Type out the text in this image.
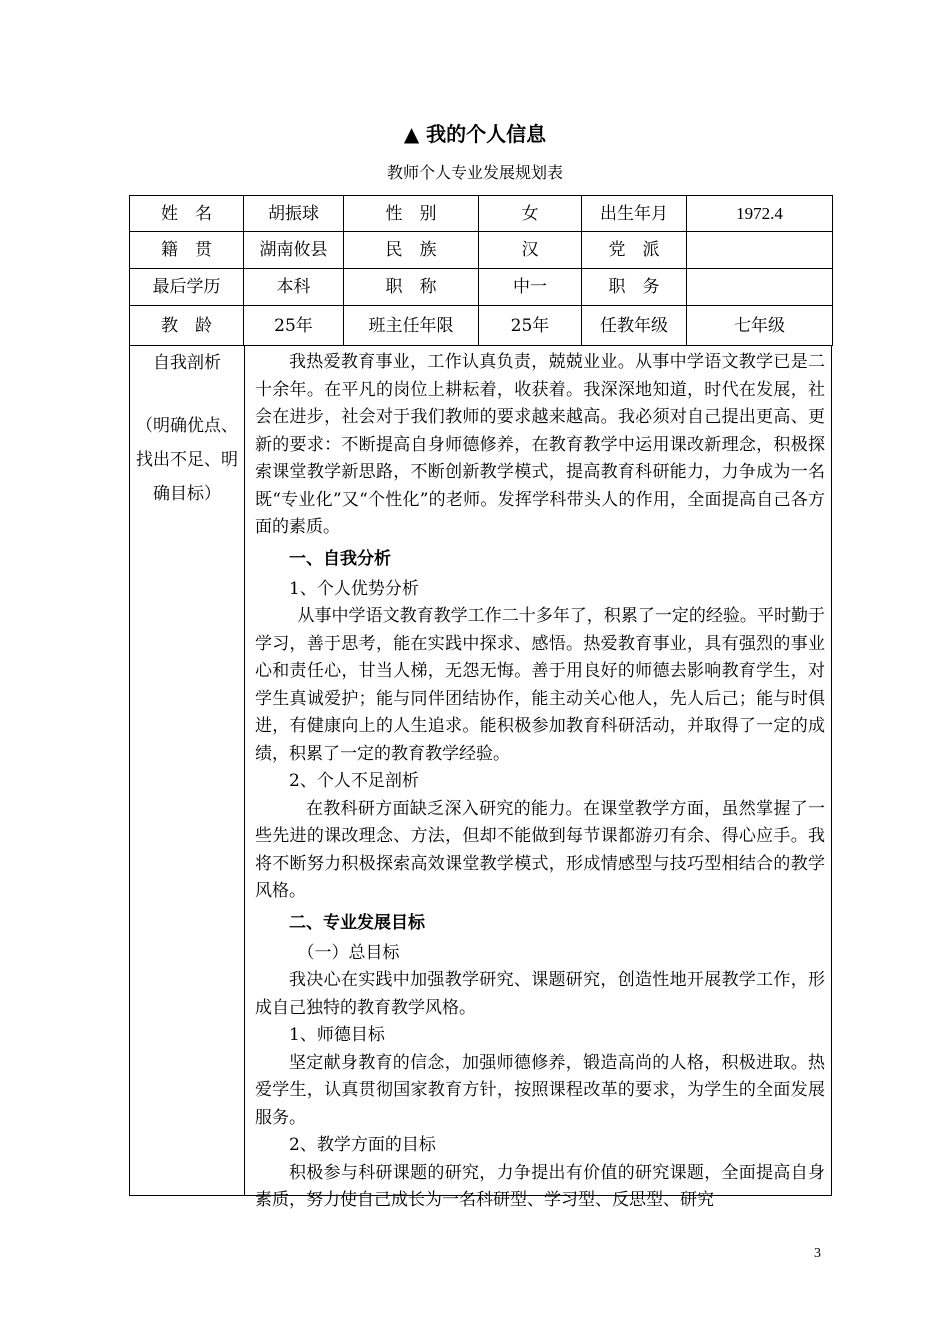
▲ 我的个人信息
教师个人专业发展规划表
姓　名	胡振球	性　别	女	出生年月	1972.4
籍　贯	湖南攸县	民　族	汉	党　派	
最后学历	本科	职　称	中一	职　务	
教　龄	25年	班主任年限	25年	任教年级	七年级
自我剖析
（明确优点、找出不足、明确目标）

我热爱教育事业，工作认真负责，兢兢业业。从事中学语文教学已是二十余年。在平凡的岗位上耕耘着，收获着。我深深地知道，时代在发展，社会在进步，社会对于我们教师的要求越来越高。我必须对自己提出更高、更新的要求：不断提高自身师德修养，在教育教学中运用课改新理念，积极探索课堂教学新思路，不断创新教学模式，提高教育科研能力，力争成为一名既“专业化”又“个性化”的老师。发挥学科带头人的作用，全面提高自己各方面的素质。

一、自我分析

1、个人优势分析

从事中学语文教育教学工作二十多年了，积累了一定的经验。平时勤于学习，善于思考，能在实践中探求、感悟。热爱教育事业，具有强烈的事业心和责任心，甘当人梯，无怨无悔。善于用良好的师德去影响教育学生，对学生真诚爱护；能与同伴团结协作，能主动关心他人，先人后己；能与时俱进，有健康向上的人生追求。能积极参加教育科研活动，并取得了一定的成绩，积累了一定的教育教学经验。

2、个人不足剖析

在教科研方面缺乏深入研究的能力。在课堂教学方面，虽然掌握了一些先进的课改理念、方法，但却不能做到每节课都游刃有余、得心应手。我将不断努力积极探索高效课堂教学模式，形成情感型与技巧型相结合的教学风格。

二、专业发展目标

（一）总目标

我决心在实践中加强教学研究、课题研究，创造性地开展教学工作，形成自己独特的教育教学风格。

1、师德目标

坚定献身教育的信念，加强师德修养，锻造高尚的人格，积极进取。热爱学生，认真贯彻国家教育方针，按照课程改革的要求，为学生的全面发展服务。

2、教学方面的目标

积极参与科研课题的研究，力争提出有价值的研究课题，全面提高自身素质，努力使自己成长为一名科研型、学习型、反思型、研究

3
